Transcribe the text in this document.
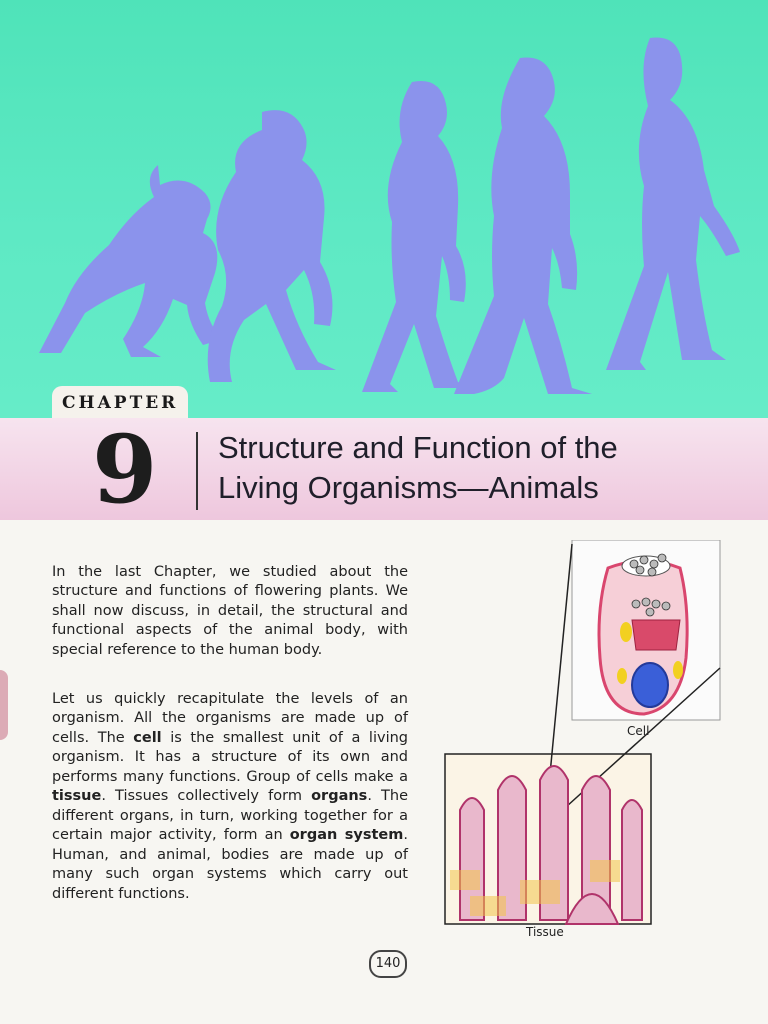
CHAPTER
9 Structure and Function of the
Living Organisms—Animals

In the last Chapter, we studied about the structure and functions of flowering plants. We shall now discuss, in detail, the structural and functional aspects of the animal body, with special reference to the human body.

Let us quickly recapitulate the levels of an organism. All the organisms are made up of cells. The cell is the smallest unit of a living organism. It has a structure of its own and performs many functions. Group of cells make a tissue. Tissues collectively form organs. The different organs, in turn, working together for a certain major activity, form an organ system. Human, and animal, bodies are made up of many such organ systems which carry out different functions.

Cell
Tissue
140
